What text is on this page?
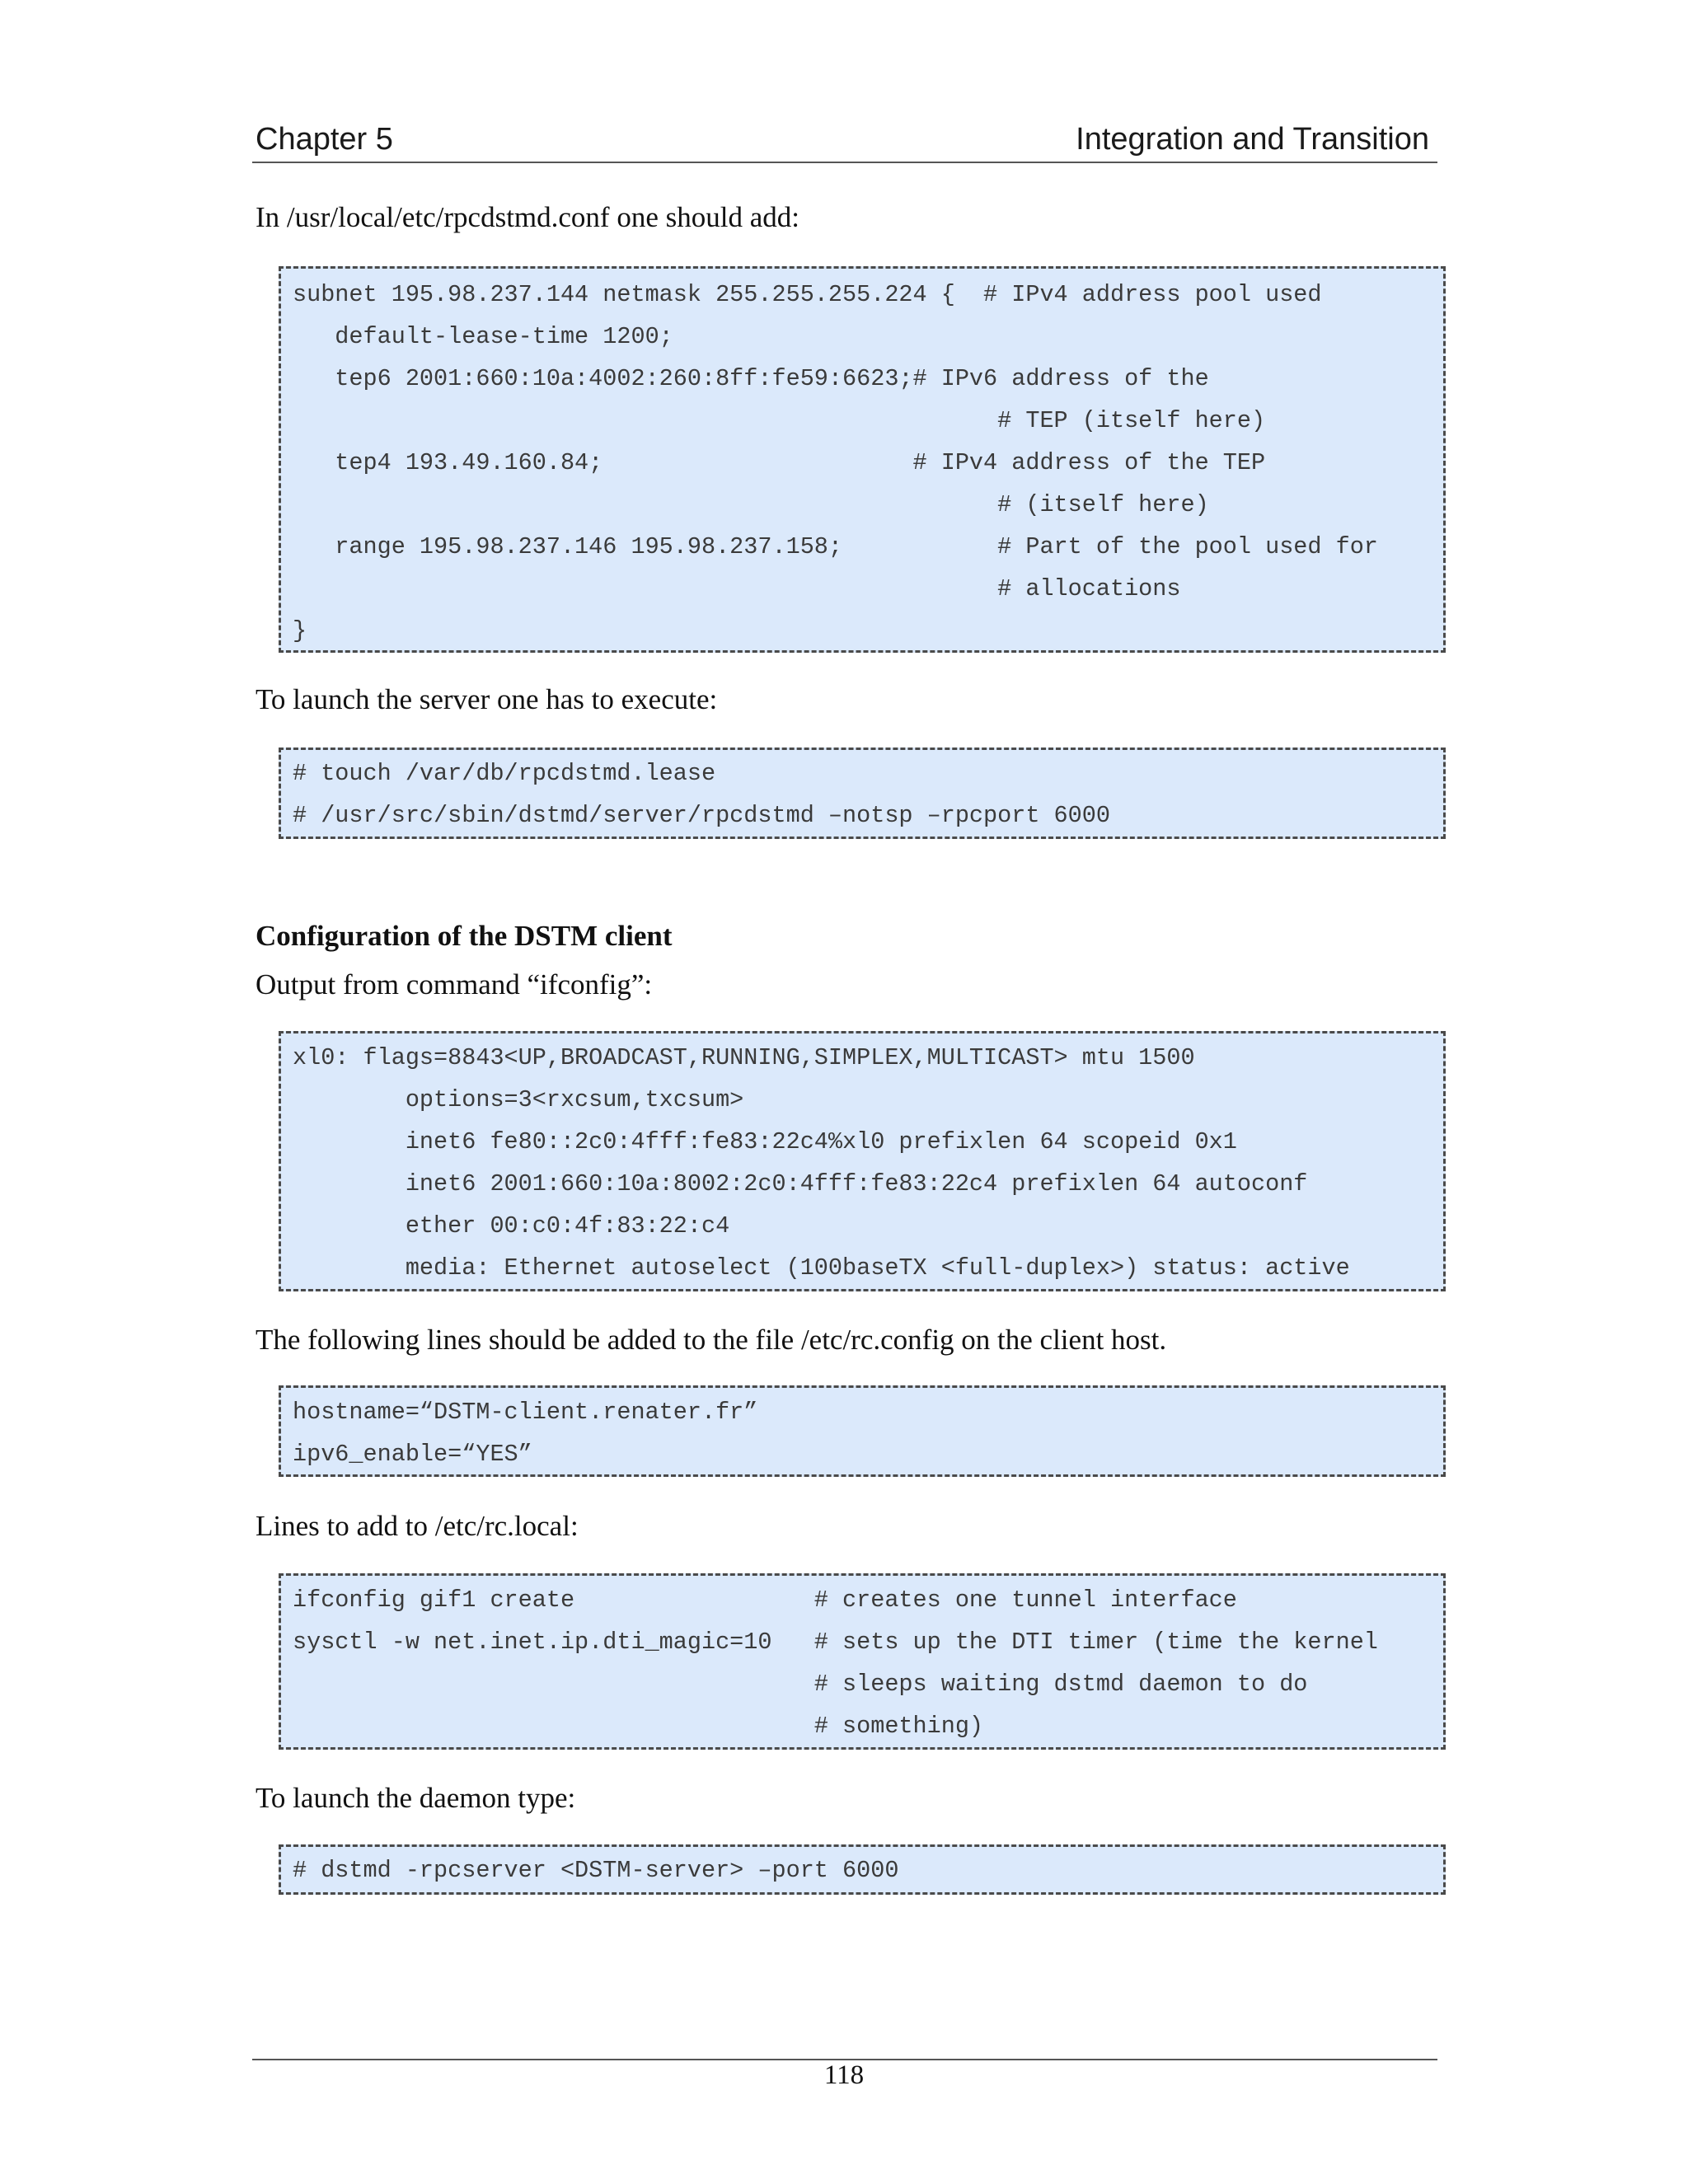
Chapter 5	Integration and Transition
In /usr/local/etc/rpcdstmd.conf one should add:
subnet 195.98.237.144 netmask 255.255.255.224 {  # IPv4 address pool used
default-lease-time 1200;
tep6 2001:660:10a:4002:260:8ff:fe59:6623;# IPv6 address of the
# TEP (itself here)
tep4 193.49.160.84;                      # IPv4 address of the TEP
# (itself here)
range 195.98.237.146 195.98.237.158;           # Part of the pool used for
# allocations
}
To launch the server one has to execute:
# touch /var/db/rpcdstmd.lease
# /usr/src/sbin/dstmd/server/rpcdstmd –notsp –rpcport 6000
Configuration of the DSTM client
Output from command “ifconfig”:
xl0: flags=8843<UP,BROADCAST,RUNNING,SIMPLEX,MULTICAST> mtu 1500
options=3<rxcsum,txcsum>
inet6 fe80::2c0:4fff:fe83:22c4%xl0 prefixlen 64 scopeid 0x1
inet6 2001:660:10a:8002:2c0:4fff:fe83:22c4 prefixlen 64 autoconf
ether 00:c0:4f:83:22:c4
media: Ethernet autoselect (100baseTX <full-duplex>) status: active
The following lines should be added to the file /etc/rc.config on the client host.
hostname=“DSTM-client.renater.fr”
ipv6_enable=“YES”
Lines to add to /etc/rc.local:
ifconfig gif1 create                 # creates one tunnel interface
sysctl -w net.inet.ip.dti_magic=10   # sets up the DTI timer (time the kernel
# sleeps waiting dstmd daemon to do
# something)
To launch the daemon type:
# dstmd -rpcserver <DSTM-server> –port 6000
118
